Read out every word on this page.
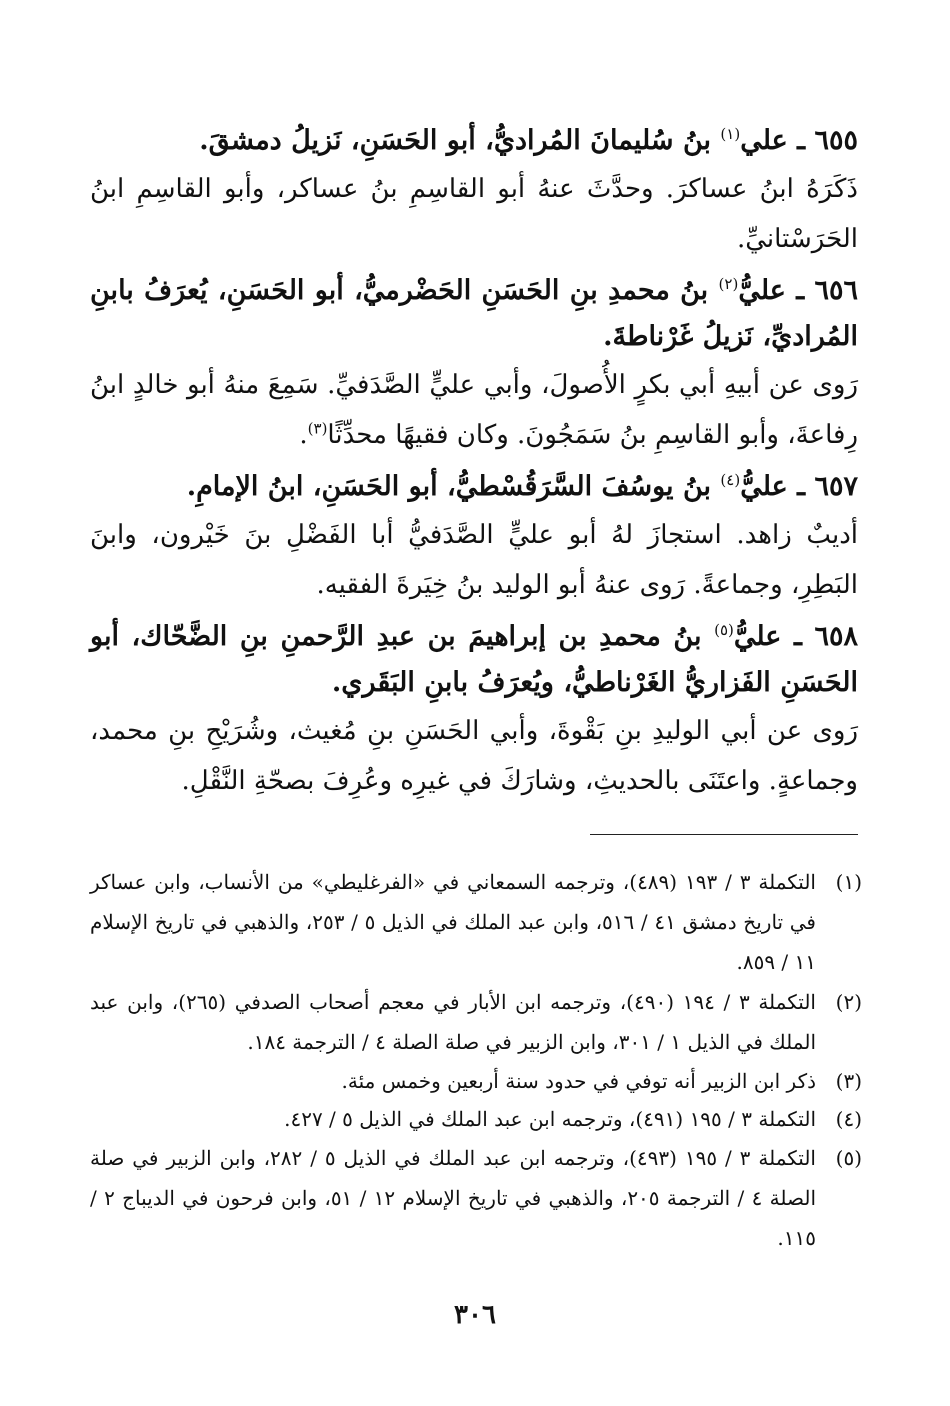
٦٥٥ ـ علي$^{(١)}$ بنُ سُليمانَ المُراديُّ، أبو الحَسَنِ، نَزيلُ دمشقَ.

ذَكَرَهُ ابنُ عساكرَ. وحدَّثَ عنهُ أبو القاسِمِ بنُ عساكر، وأبو القاسِمِ ابنُ الحَرَسْتانيِّ.

٦٥٦ ـ عليُّ$^{(٢)}$ بنُ محمدِ بنِ الحَسَنِ الحَضْرميُّ، أبو الحَسَنِ، يُعرَفُ بابنِ المُراديِّ، نَزيلُ غَرْناطةَ.

رَوى عن أبيهِ أبي بكرٍ الأُصولَ، وأبي عليٍّ الصَّدَفيِّ. سَمِعَ منهُ أبو خالدٍ ابنُ رِفاعةَ، وأبو القاسِمِ بنُ سَمَجُونَ. وكان فقيهًا محدِّثًا$^{(٣)}$.

٦٥٧ ـ عليُّ$^{(٤)}$ بنُ يوسُفَ السَّرَقُسْطيُّ، أبو الحَسَنِ، ابنُ الإمامِ.

أديبٌ زاهد. استجازَ لهُ أبو عليٍّ الصَّدَفيُّ أبا الفَضْلِ بنَ خَيْرون، وابنَ البَطِرِ، وجماعةً. رَوى عنهُ أبو الوليد بنُ خِيَرةَ الفقيه.

٦٥٨ ـ عليُّ$^{(٥)}$ بنُ محمدِ بن إبراهيمَ بن عبدِ الرَّحمنِ بنِ الضَّحّاك، أبو الحَسَنِ الفَزاريُّ الغَرْناطيُّ، ويُعرَفُ بابنِ البَقَري.

رَوى عن أبي الوليدِ بنِ بَقْوةَ، وأبي الحَسَنِ بنِ مُغيث، وشُرَيْحِ بنِ محمد، وجماعةٍ. واعتَنَى بالحديثِ، وشارَكَ في غيرِه وعُرِفَ بصحّةِ النَّقْلِ.

(١)
التكملة ٣ / ١٩٣ (٤٨٩)، وترجمه السمعاني في «الفرغليطي» من الأنساب، وابن عساكر في تاريخ دمشق ٤١ / ٥١٦، وابن عبد الملك في الذيل ٥ / ٢٥٣، والذهبي في تاريخ الإسلام ١١ / ٨٥٩.
(٢)
التكملة ٣ / ١٩٤ (٤٩٠)، وترجمه ابن الأبار في معجم أصحاب الصدفي (٢٦٥)، وابن عبد الملك في الذيل ١ / ٣٠١، وابن الزبير في صلة الصلة ٤ / الترجمة ١٨٤.
(٣)
ذكر ابن الزبير أنه توفي في حدود سنة أربعين وخمس مئة.
(٤)
التكملة ٣ / ١٩٥ (٤٩١)، وترجمه ابن عبد الملك في الذيل ٥ / ٤٢٧.
(٥)
التكملة ٣ / ١٩٥ (٤٩٣)، وترجمه ابن عبد الملك في الذيل ٥ / ٢٨٢، وابن الزبير في صلة الصلة ٤ / الترجمة ٢٠٥، والذهبي في تاريخ الإسلام ١٢ / ٥١، وابن فرحون في الديباج ٢ / ١١٥.
٣٠٦
